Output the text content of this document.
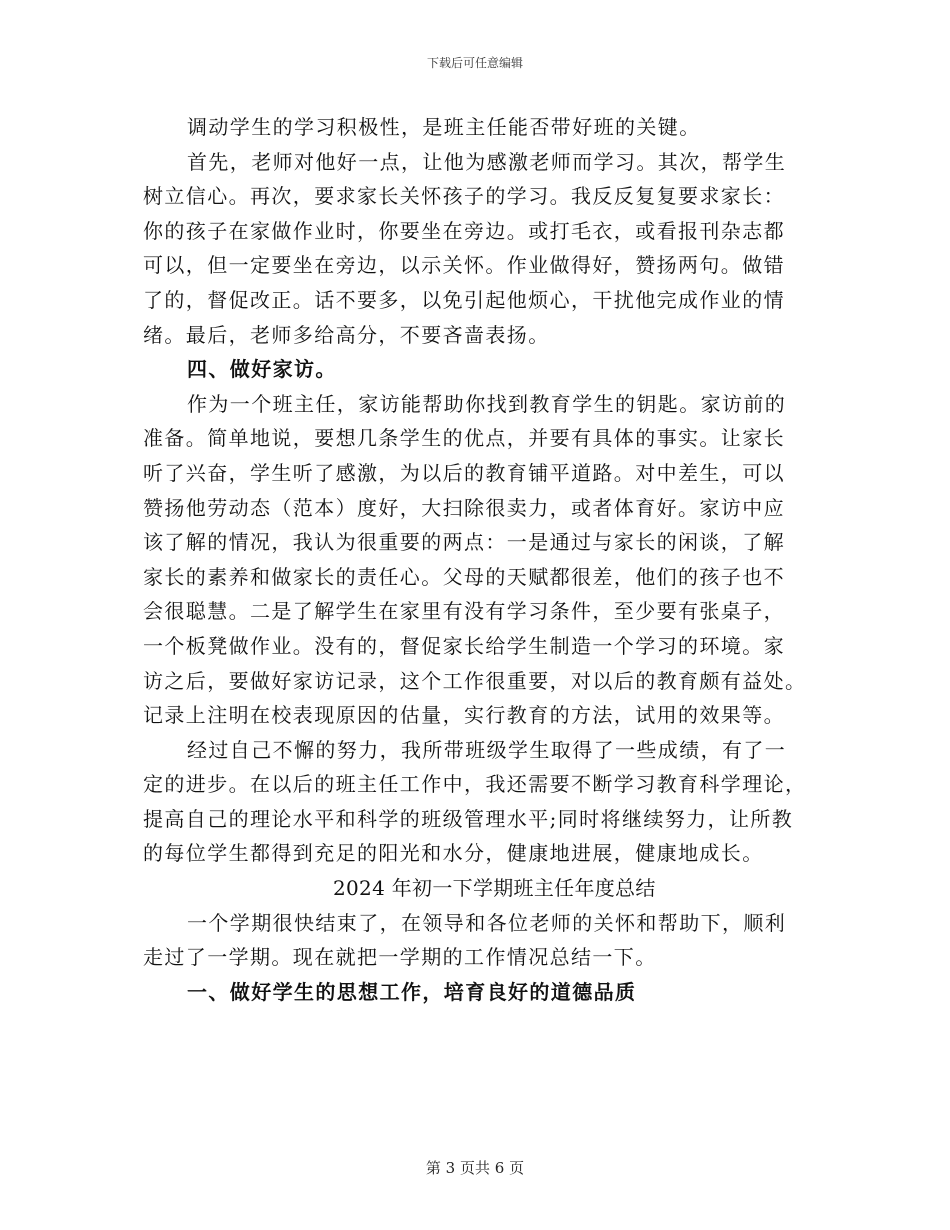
下载后可任意编辑
调动学生的学习积极性，是班主任能否带好班的关键。
首先，老师对他好一点，让他为感激老师而学习。其次，帮学生
树立信心。再次，要求家长关怀孩子的学习。我反反复复要求家长：
你的孩子在家做作业时，你要坐在旁边。或打毛衣，或看报刊杂志都
可以，但一定要坐在旁边，以示关怀。作业做得好，赞扬两句。做错
了的，督促改正。话不要多，以免引起他烦心，干扰他完成作业的情
绪。最后，老师多给高分，不要吝啬表扬。
四、做好家访。
作为一个班主任，家访能帮助你找到教育学生的钥匙。家访前的
准备。简单地说，要想几条学生的优点，并要有具体的事实。让家长
听了兴奋，学生听了感激，为以后的教育铺平道路。对中差生，可以
赞扬他劳动态（范本）度好，大扫除很卖力，或者体育好。家访中应
该了解的情况，我认为很重要的两点：一是通过与家长的闲谈，了解
家长的素养和做家长的责任心。父母的天赋都很差，他们的孩子也不
会很聪慧。二是了解学生在家里有没有学习条件，至少要有张桌子，
一个板凳做作业。没有的，督促家长给学生制造一个学习的环境。家
访之后，要做好家访记录，这个工作很重要，对以后的教育颇有益处。
记录上注明在校表现原因的估量，实行教育的方法，试用的效果等。
经过自己不懈的努力，我所带班级学生取得了一些成绩，有了一
定的进步。在以后的班主任工作中，我还需要不断学习教育科学理论，
提高自己的理论水平和科学的班级管理水平;同时将继续努力，让所教
的每位学生都得到充足的阳光和水分，健康地进展，健康地成长。
2024 年初一下学期班主任年度总结
一个学期很快结束了，在领导和各位老师的关怀和帮助下，顺利
走过了一学期。现在就把一学期的工作情况总结一下。
一、做好学生的思想工作，培育良好的道德品质
第 3 页共 6 页
